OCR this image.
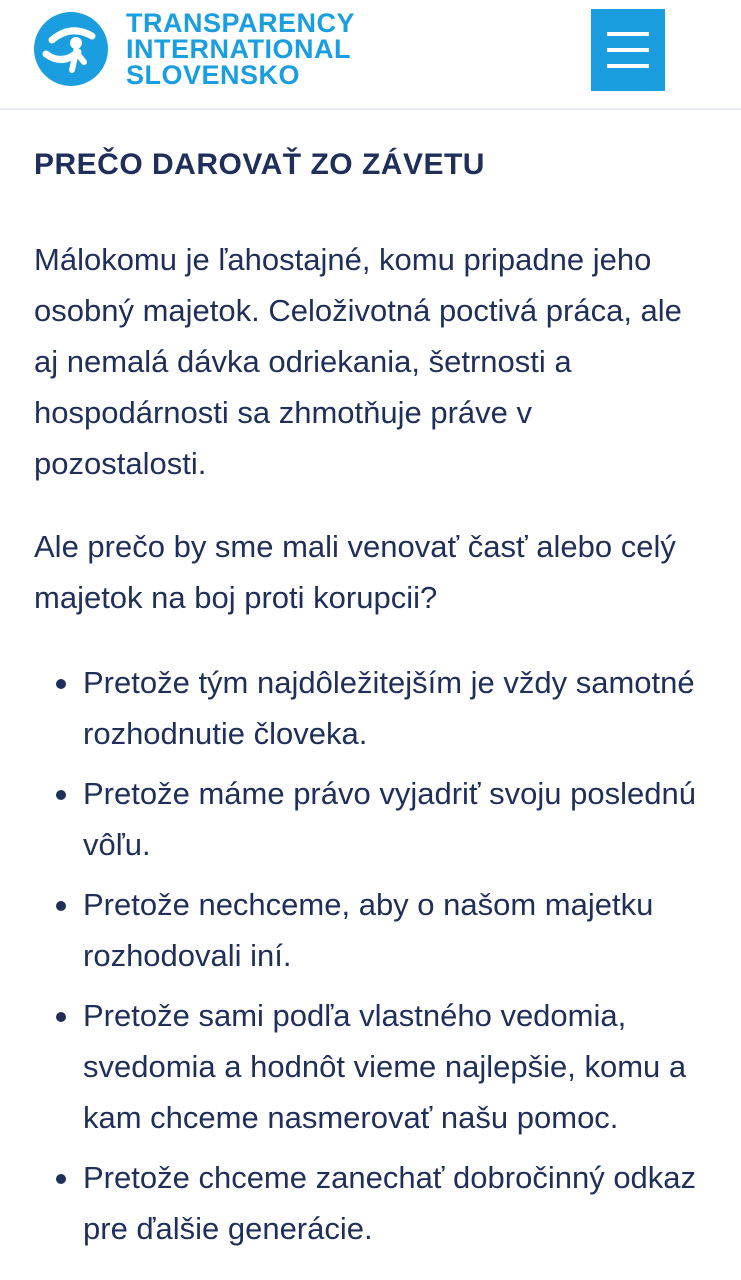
TRANSPARENCY
INTERNATIONAL
SLOVENSKO
PREČO DAROVAŤ ZO ZÁVETU

Málokomu je ľahostajné, komu pripadne jeho osobný majetok. Celoživotná poctivá práca, ale aj nemalá dávka odriekania, šetrnosti a hospodárnosti sa zhmotňuje práve v pozostalosti.

Ale prečo by sme mali venovať časť alebo celý majetok na boj proti korupcii?

Pretože tým najdôležitejším je vždy samotné rozhodnutie človeka.
Pretože máme právo vyjadriť svoju poslednú vôľu.
Pretože nechceme, aby o našom majetku rozhodovali iní.
Pretože sami podľa vlastného vedomia, svedomia a hodnôt vieme najlepšie, komu a kam chceme nasmerovať našu pomoc.
Pretože chceme zanechať dobročinný odkaz pre ďalšie generácie.
